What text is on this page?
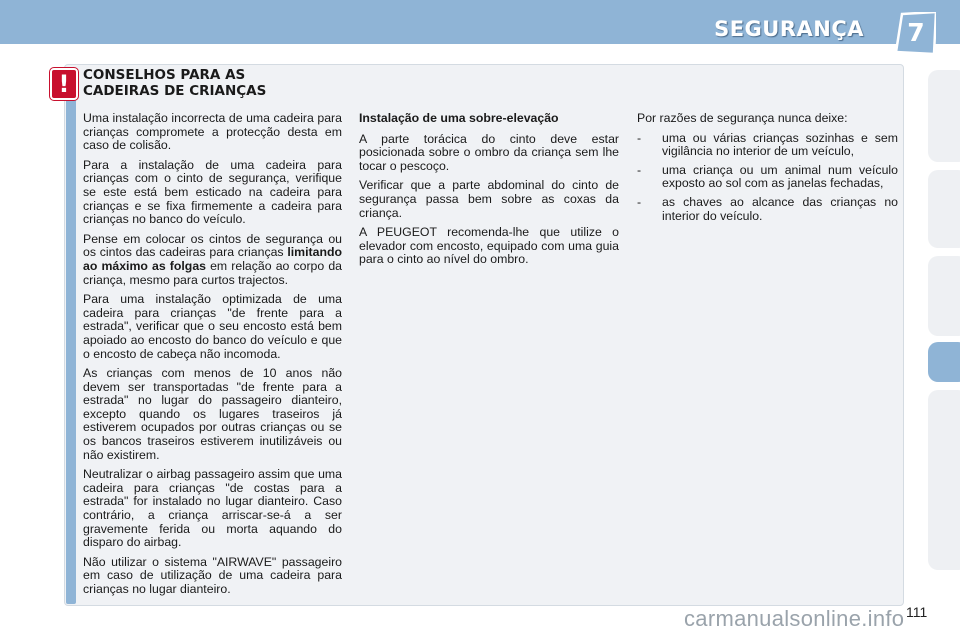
SEGURANÇA	7
!	CONSELHOS PARA AS
CADEIRAS DE CRIANÇAS

Uma instalação incorrecta de uma cadeira para crianças compromete a protecção desta em caso de colisão.

Para a instalação de uma cadeira para crianças com o cinto de segurança, verifique se este está bem esticado na cadeira para crianças e se fixa firmemente a cadeira para crianças no banco do veículo.

Pense em colocar os cintos de segurança ou os cintos das cadeiras para crianças limitando ao máximo as folgas em relação ao corpo da criança, mesmo para curtos trajectos.

Para uma instalação optimizada de uma cadeira para crianças "de frente para a estrada", verificar que o seu encosto está bem apoiado ao encosto do banco do veículo e que o encosto de cabeça não incomoda.

As crianças com menos de 10 anos não devem ser transportadas "de frente para a estrada" no lugar do passageiro dianteiro, excepto quando os lugares traseiros já estiverem ocupados por outras crianças ou se os bancos traseiros estiverem inutilizáveis ou não existirem.

Neutralizar o airbag passageiro assim que uma cadeira para crianças "de costas para a estrada" for instalado no lugar dianteiro. Caso contrário, a criança arriscar-se-á a ser gravemente ferida ou morta aquando do disparo do airbag.

Não utilizar o sistema "AIRWAVE" passageiro em caso de utilização de uma cadeira para crianças no lugar dianteiro.

Instalação de uma sobre-elevação

A parte torácica do cinto deve estar posicionada sobre o ombro da criança sem lhe tocar o pescoço.

Verificar que a parte abdominal do cinto de segurança passa bem sobre as coxas da criança.

A PEUGEOT recomenda-lhe que utilize o elevador com encosto, equipado com uma guia para o cinto ao nível do ombro.

Por razões de segurança nunca deixe:

- uma ou várias crianças sozinhas e sem vigilância no interior de um veículo,
- uma criança ou um animal num veículo exposto ao sol com as janelas fechadas,
- as chaves ao alcance das crianças no interior do veículo.
carmanualsonline.info 111
